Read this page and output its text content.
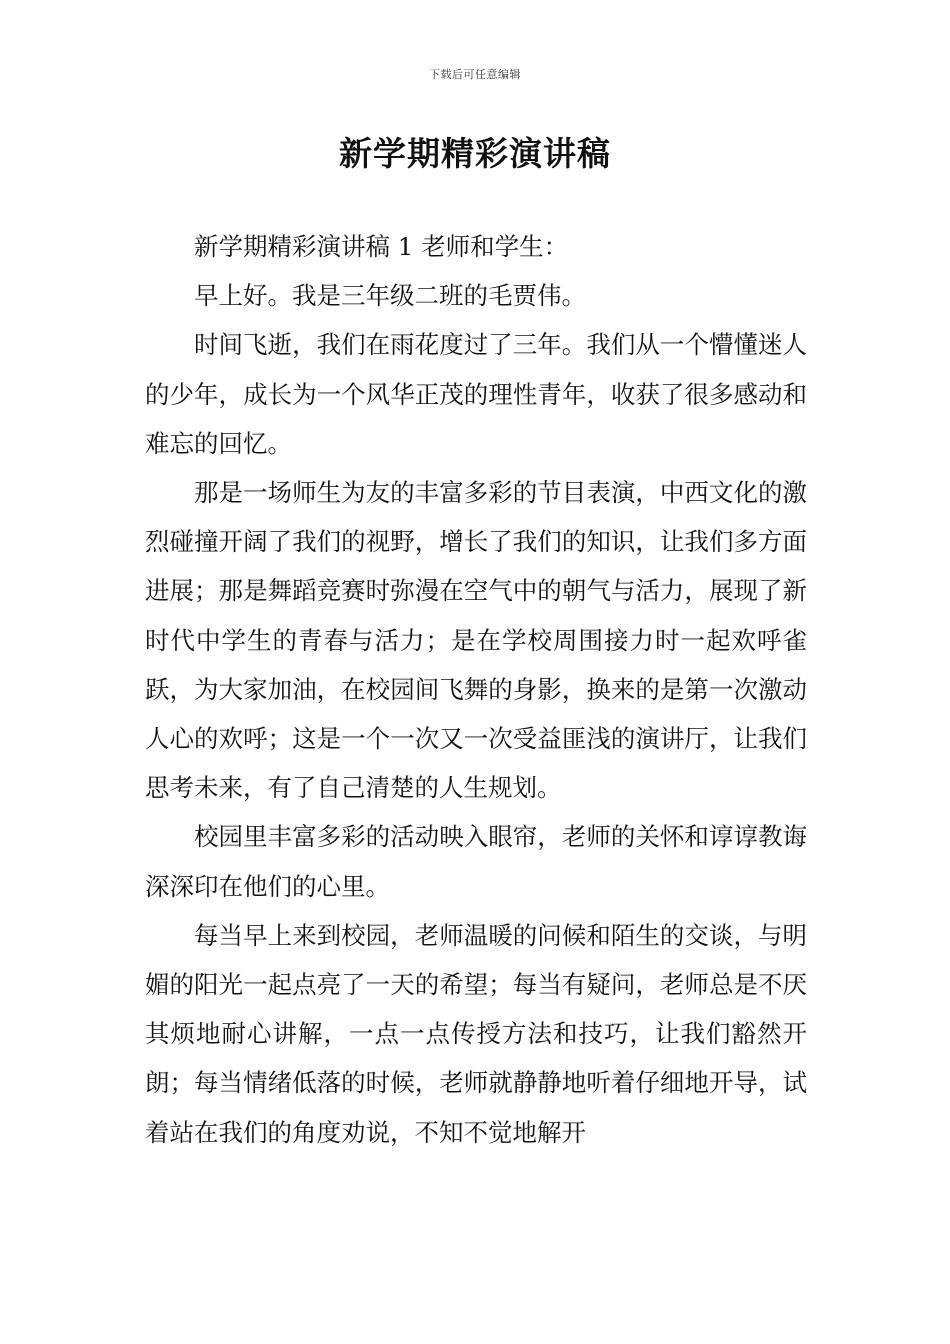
下载后可任意编辑
新学期精彩演讲稿

新学期精彩演讲稿 1 老师和学生：

早上好。我是三年级二班的毛贾伟。

时间飞逝，我们在雨花度过了三年。我们从一个懵懂迷人的少年，成长为一个风华正茂的理性青年，收获了很多感动和难忘的回忆。

那是一场师生为友的丰富多彩的节目表演，中西文化的激烈碰撞开阔了我们的视野，增长了我们的知识，让我们多方面进展；那是舞蹈竞赛时弥漫在空气中的朝气与活力，展现了新时代中学生的青春与活力；是在学校周围接力时一起欢呼雀跃，为大家加油，在校园间飞舞的身影，换来的是第一次激动人心的欢呼；这是一个一次又一次受益匪浅的演讲厅，让我们思考未来，有了自己清楚的人生规划。

校园里丰富多彩的活动映入眼帘，老师的关怀和谆谆教诲深深印在他们的心里。

每当早上来到校园，老师温暖的问候和陌生的交谈，与明媚的阳光一起点亮了一天的希望；每当有疑问，老师总是不厌其烦地耐心讲解，一点一点传授方法和技巧，让我们豁然开朗；每当情绪低落的时候，老师就静静地听着仔细地开导，试着站在我们的角度劝说，不知不觉地解开
